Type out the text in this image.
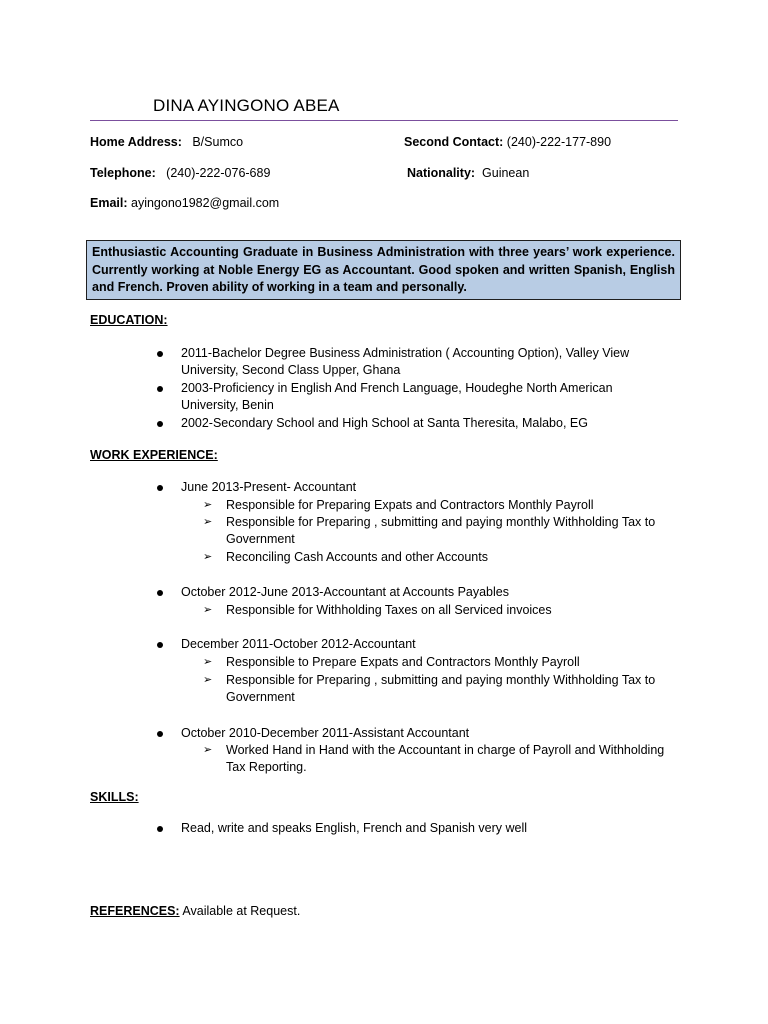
DINA AYINGONO ABEA
Home Address: B/Sumco	Second Contact: (240)-222-177-890
Telephone: (240)-222-076-689	Nationality: Guinean
Email: ayingono1982@gmail.com
Enthusiastic Accounting Graduate in Business Administration with three years’ work experience. Currently working at Noble Energy EG as Accountant. Good spoken and written Spanish, English and French. Proven ability of working in a team and personally.
EDUCATION:
2011-Bachelor Degree Business Administration ( Accounting Option), Valley View
University, Second Class Upper, Ghana
2003-Proficiency in English And French Language, Houdeghe North American
University, Benin
2002-Secondary School and High School at Santa Theresita, Malabo, EG
WORK EXPERIENCE:
June 2013-Present- Accountant
➢ Responsible for Preparing Expats and Contractors Monthly Payroll
➢ Responsible for Preparing , submitting and paying monthly Withholding Tax to
Government
➢ Reconciling Cash Accounts and other Accounts
October 2012-June 2013-Accountant at Accounts Payables
➢ Responsible for Withholding Taxes on all Serviced invoices
December 2011-October 2012-Accountant
➢ Responsible to Prepare Expats and Contractors Monthly Payroll
➢ Responsible for Preparing , submitting and paying monthly Withholding Tax to
Government
October 2010-December 2011-Assistant Accountant
➢ Worked Hand in Hand with the Accountant in charge of Payroll and Withholding
Tax Reporting.
SKILLS:
Read, write and speaks English, French and Spanish very well
REFERENCES: Available at Request.
